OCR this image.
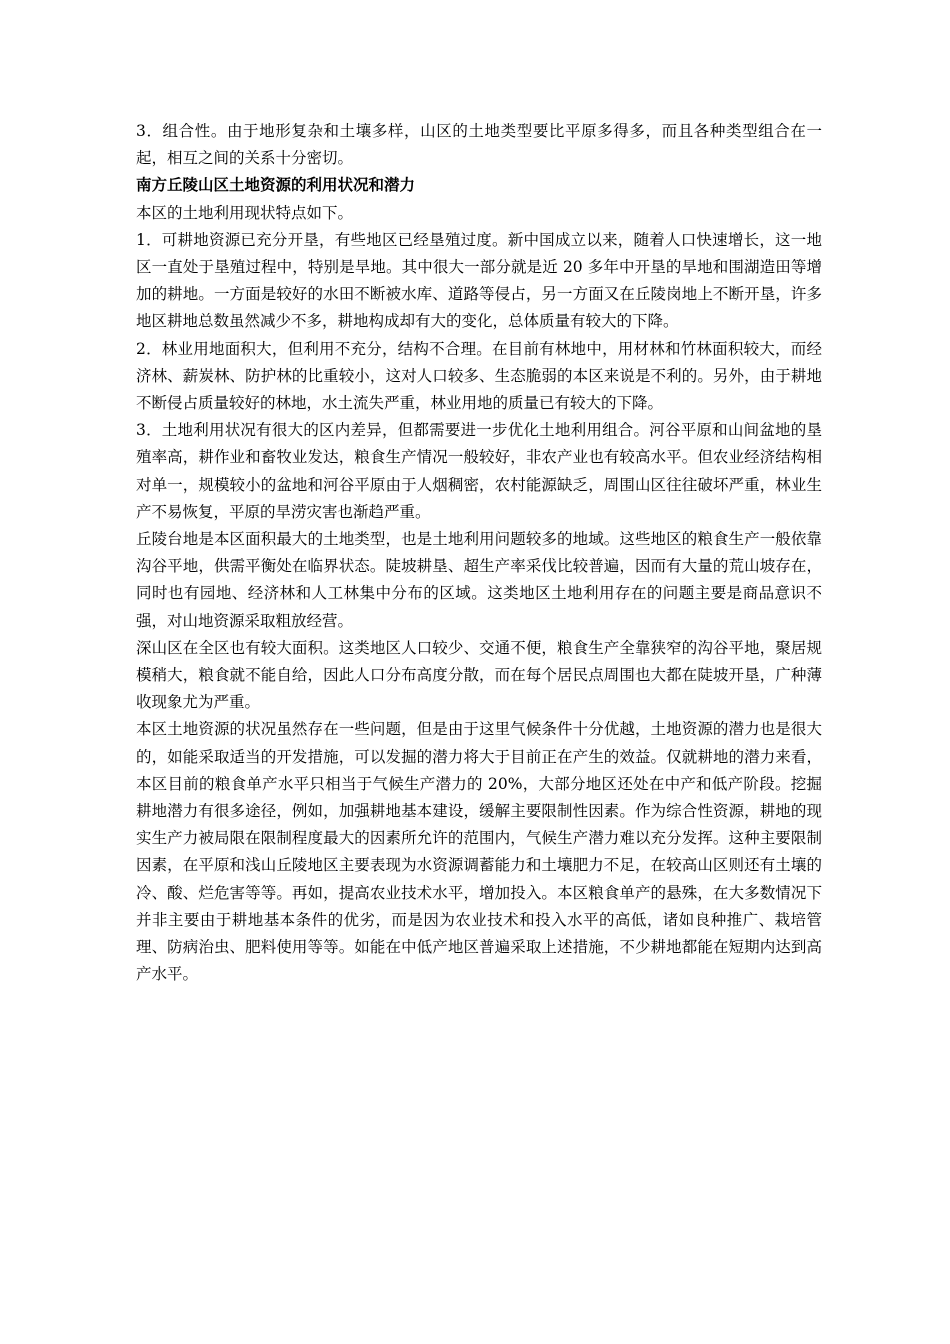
3．组合性。由于地形复杂和土壤多样，山区的土地类型要比平原多得多，而且各种类型组合在一起，相互之间的关系十分密切。

南方丘陵山区土地资源的利用状况和潜力

本区的土地利用现状特点如下。

1．可耕地资源已充分开垦，有些地区已经垦殖过度。新中国成立以来，随着人口快速增长，这一地区一直处于垦殖过程中，特别是旱地。其中很大一部分就是近 20 多年中开垦的旱地和围湖造田等增加的耕地。一方面是较好的水田不断被水库、道路等侵占，另一方面又在丘陵岗地上不断开垦，许多地区耕地总数虽然减少不多，耕地构成却有大的变化，总体质量有较大的下降。

2．林业用地面积大，但利用不充分，结构不合理。在目前有林地中，用材林和竹林面积较大，而经济林、薪炭林、防护林的比重较小，这对人口较多、生态脆弱的本区来说是不利的。另外，由于耕地不断侵占质量较好的林地，水土流失严重，林业用地的质量已有较大的下降。

3．土地利用状况有很大的区内差异，但都需要进一步优化土地利用组合。河谷平原和山间盆地的垦殖率高，耕作业和畜牧业发达，粮食生产情况一般较好，非农产业也有较高水平。但农业经济结构相对单一，规模较小的盆地和河谷平原由于人烟稠密，农村能源缺乏，周围山区往往破坏严重，林业生产不易恢复，平原的旱涝灾害也渐趋严重。

丘陵台地是本区面积最大的土地类型，也是土地利用问题较多的地域。这些地区的粮食生产一般依靠沟谷平地，供需平衡处在临界状态。陡坡耕垦、超生产率采伐比较普遍，因而有大量的荒山坡存在，同时也有园地、经济林和人工林集中分布的区域。这类地区土地利用存在的问题主要是商品意识不强，对山地资源采取粗放经营。

深山区在全区也有较大面积。这类地区人口较少、交通不便，粮食生产全靠狭窄的沟谷平地，聚居规模稍大，粮食就不能自给，因此人口分布高度分散，而在每个居民点周围也大都在陡坡开垦，广种薄收现象尤为严重。

本区土地资源的状况虽然存在一些问题，但是由于这里气候条件十分优越，土地资源的潜力也是很大的，如能采取适当的开发措施，可以发掘的潜力将大于目前正在产生的效益。仅就耕地的潜力来看，本区目前的粮食单产水平只相当于气候生产潜力的 20%，大部分地区还处在中产和低产阶段。挖掘耕地潜力有很多途径，例如，加强耕地基本建设，缓解主要限制性因素。作为综合性资源，耕地的现实生产力被局限在限制程度最大的因素所允许的范围内，气候生产潜力难以充分发挥。这种主要限制因素，在平原和浅山丘陵地区主要表现为水资源调蓄能力和土壤肥力不足，在较高山区则还有土壤的冷、酸、烂危害等等。再如，提高农业技术水平，增加投入。本区粮食单产的悬殊，在大多数情况下并非主要由于耕地基本条件的优劣，而是因为农业技术和投入水平的高低，诸如良种推广、栽培管理、防病治虫、肥料使用等等。如能在中低产地区普遍采取上述措施，不少耕地都能在短期内达到高产水平。
